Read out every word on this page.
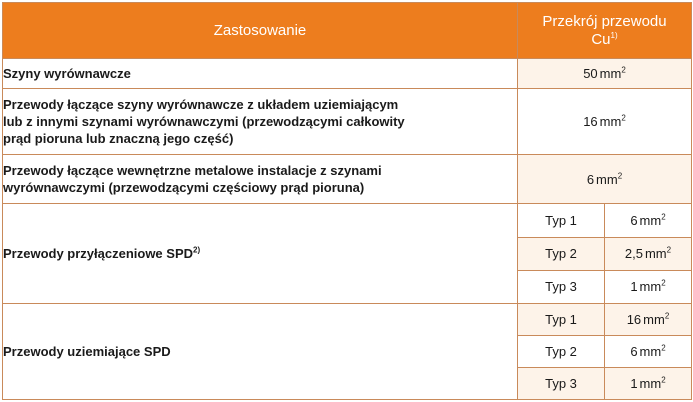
Zastosowanie	Przekrój przewodu
Cu$^{1)}$
Szyny wyrównawcze	50 $mm^2$
Przewody łączące szyny wyrównawcze z układem uziemiającym
lub z innymi szynami wyrównawczymi (przewodzącymi całkowity
prąd pioruna lub znaczną jego część)	16 $mm^2$
Przewody łączące wewnętrzne metalowe instalacje z szynami
wyrównawczymi (przewodzącymi częściowy prąd pioruna)	6 $mm^2$
Przewody przyłączeniowe SPD$^{2)}$	Typ 1	6 $mm^2$
	Typ 2	2,5 $mm^2$
	Typ 3	1 $mm^2$
Przewody uziemiające SPD	Typ 1	16 $mm^2$
	Typ 2	6 $mm^2$
	Typ 3	1 $mm^2$
